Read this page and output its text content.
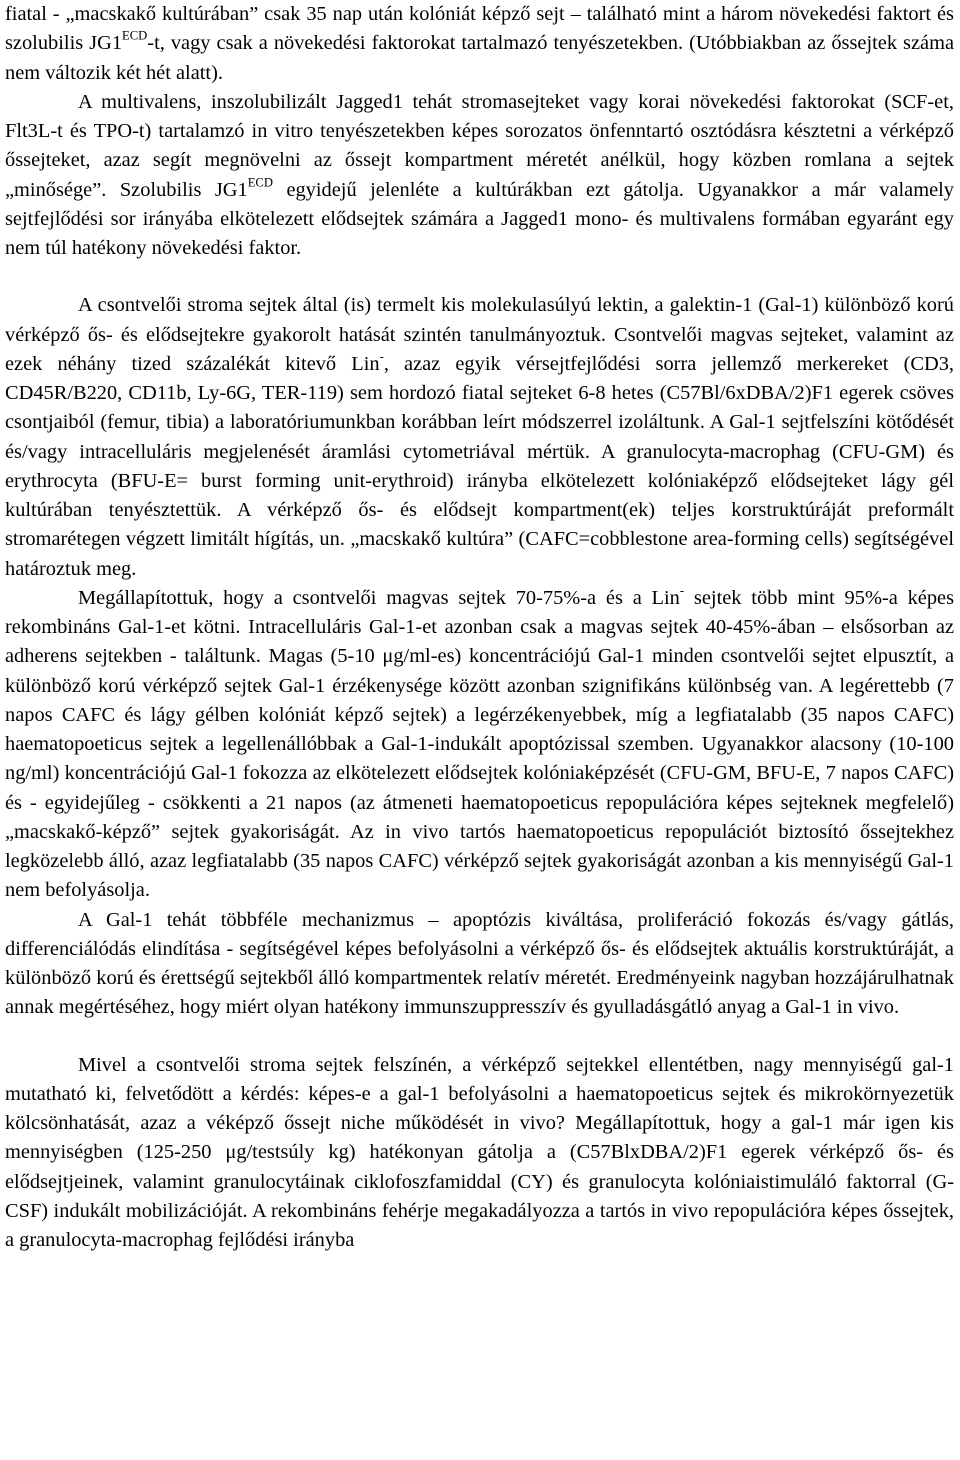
fiatal - „macskakő kultúrában” csak 35 nap után kolóniát képző sejt – található mint a három növekedési faktort és szolubilis $JG1^{ECD}-t$, vagy csak a növekedési faktorokat tartalmazó tenyészetekben. (Utóbbiakban az őssejtek száma nem változik két hét alatt).

A multivalens, inszolubilizált Jagged1 tehát stromasejteket vagy korai növekedési faktorokat (SCF-et, Flt3L-t és TPO-t) tartalamzó in vitro tenyészetekben képes sorozatos önfenntartó osztódásra késztetni a vérképző őssejteket, azaz segít megnövelni az őssejt kompartment méretét anélkül, hogy közben romlana a sejtek „minősége”. Szolubilis $JG1^{ECD}$ egyidejű jelenléte a kultúrákban ezt gátolja. Ugyanakkor a már valamely sejtfejlődési sor irányába elkötelezett elődsejtek számára a Jagged1 mono- és multivalens formában egyaránt egy nem túl hatékony növekedési faktor.

A csontvelői stroma sejtek által (is) termelt kis molekulasúlyú lektin, a galektin-1 (Gal-1) különböző korú vérképző ős- és elődsejtekre gyakorolt hatását szintén tanulmányoztuk. Csontvelői magvas sejteket, valamint az ezek néhány tized százalékát kitevő Lin-, azaz egyik vérsejtfejlődési sorra jellemző merkereket (CD3, CD45R/B220, CD11b, Ly-6G, TER-119) sem hordozó fiatal sejteket 6-8 hetes (C57Bl/6xDBA/2)F1 egerek csöves csontjaiból (femur, tibia) a laboratóriumunkban korábban leírt módszerrel izoláltunk. A Gal-1 sejtfelszíni kötődését és/vagy intracelluláris megjelenését áramlási cytometriával mértük. A granulocyta-macrophag (CFU-GM) és erythrocyta (BFU-E= burst forming unit-erythroid) irányba elkötelezett kolóniaképző elődsejteket lágy gél kultúrában tenyésztettük. A vérképző ős- és elődsejt kompartment(ek) teljes korstruktúráját preformált stromarétegen végzett limitált hígítás, un. „macskakő kultúra” (CAFC=cobblestone area-forming cells) segítségével határoztuk meg.

Megállapítottuk, hogy a csontvelői magvas sejtek 70-75%-a és a Lin- sejtek több mint 95%-a képes rekombináns Gal-1-et kötni. Intracelluláris Gal-1-et azonban csak a magvas sejtek 40-45%-ában – elsősorban az adherens sejtekben - találtunk. Magas (5-10 μg/ml-es) koncentrációjú Gal-1 minden csontvelői sejtet elpusztít, a különböző korú vérképző sejtek Gal-1 érzékenysége között azonban szignifikáns különbség van. A legérettebb (7 napos CAFC és lágy gélben kolóniát képző sejtek) a legérzékenyebbek, míg a legfiatalabb (35 napos CAFC) haematopoeticus sejtek a legellenállóbbak a Gal-1-indukált apoptózissal szemben. Ugyanakkor alacsony (10-100 ng/ml) koncentrációjú Gal-1 fokozza az elkötelezett elődsejtek kolóniaképzését (CFU-GM, BFU-E, 7 napos CAFC) és - egyidejűleg - csökkenti a 21 napos (az átmeneti haematopoeticus repopulációra képes sejteknek megfelelő) „macskakő-képző” sejtek gyakoriságát. Az in vivo tartós haematopoeticus repopulációt biztosító őssejtekhez legközelebb álló, azaz legfiatalabb (35 napos CAFC) vérképző sejtek gyakoriságát azonban a kis mennyiségű Gal-1 nem befolyásolja.

A Gal-1 tehát többféle mechanizmus – apoptózis kiváltása, proliferáció fokozás és/vagy gátlás, differenciálódás elindítása - segítségével képes befolyásolni a vérképző ős- és elődsejtek aktuális korstruktúráját, a különböző korú és érettségű sejtekből álló kompartmentek relatív méretét. Eredményeink nagyban hozzájárulhatnak annak megértéséhez, hogy miért olyan hatékony immunszuppresszív és gyulladásgátló anyag a Gal-1 in vivo.

Mivel a csontvelői stroma sejtek felszínén, a vérképző sejtekkel ellentétben, nagy mennyiségű gal-1 mutatható ki, felvetődött a kérdés: képes-e a gal-1 befolyásolni a haematopoeticus sejtek és mikrokörnyezetük kölcsönhatását, azaz a véképző őssejt niche működését in vivo? Megállapítottuk, hogy a gal-1 már igen kis mennyiségben (125-250 μg/testsúly kg) hatékonyan gátolja a (C57BlxDBA/2)F1 egerek vérképző ős- és elődsejtjeinek, valamint granulocytáinak ciklofoszfamiddal (CY) és granulocyta kolóniaistimuláló faktorral (G-CSF) indukált mobilizációját. A rekombináns fehérje megakadályozza a tartós in vivo repopulációra képes őssejtek, a granulocyta-macrophag fejlődési irányba
